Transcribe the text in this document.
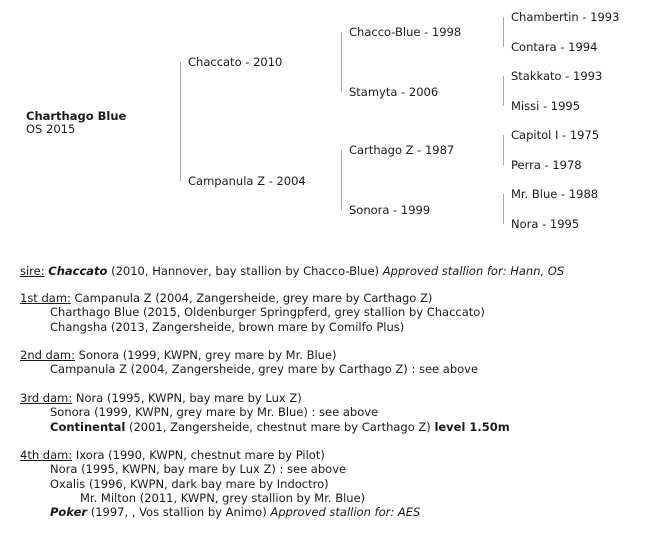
Charthago Blue
OS 2015
Chaccato - 2010
Campanula Z - 2004
Chacco-Blue - 1998
Stamyta - 2006
Carthago Z - 1987
Sonora - 1999
Chambertin - 1993
Contara - 1994
Stakkato - 1993
Missi - 1995
Capitol I - 1975
Perra - 1978
Mr. Blue - 1988
Nora - 1995
sire: Chaccato (2010, Hannover, bay stallion by Chacco-Blue) Approved stallion for: Hann, OS
1st dam: Campanula Z (2004, Zangersheide, grey mare by Carthago Z)
Charthago Blue (2015, Oldenburger Springpferd, grey stallion by Chaccato)
Changsha (2013, Zangersheide, brown mare by Comilfo Plus)
2nd dam: Sonora (1999, KWPN, grey mare by Mr. Blue)
Campanula Z (2004, Zangersheide, grey mare by Carthago Z) : see above
3rd dam: Nora (1995, KWPN, bay mare by Lux Z)
Sonora (1999, KWPN, grey mare by Mr. Blue) : see above
Continental (2001, Zangersheide, chestnut mare by Carthago Z) level 1.50m
4th dam: Ixora (1990, KWPN, chestnut mare by Pilot)
Nora (1995, KWPN, bay mare by Lux Z) : see above
Oxalis (1996, KWPN, dark bay mare by Indoctro)
Mr. Milton (2011, KWPN, grey stallion by Mr. Blue)
Poker (1997, , Vos stallion by Animo) Approved stallion for: AES
